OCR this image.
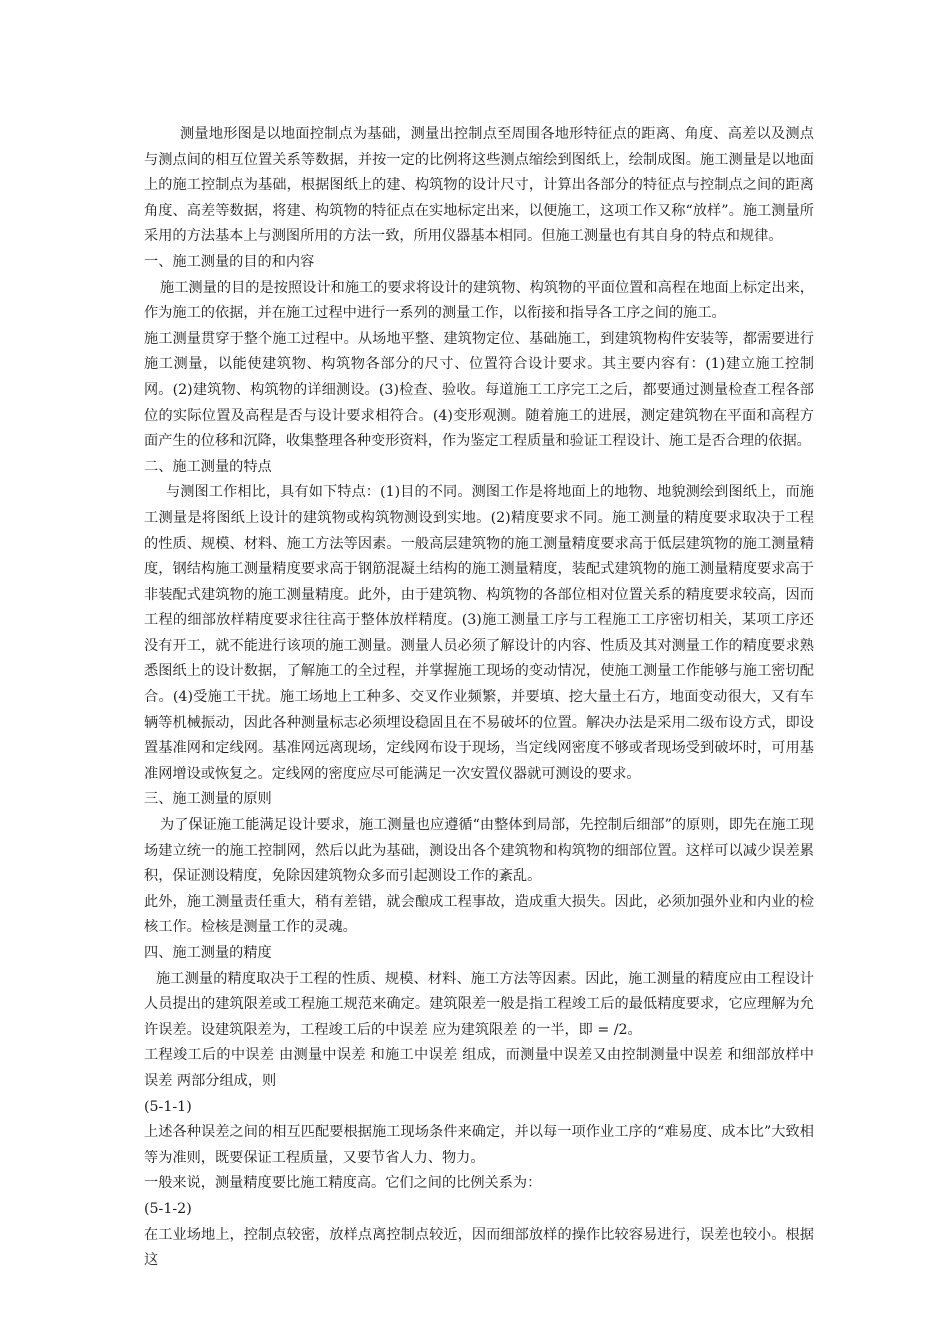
测量地形图是以地面控制点为基础，测量出控制点至周围各地形特征点的距离、角度、高差以及测点与测点间的相互位置关系等数据，并按一定的比例将这些测点缩绘到图纸上，绘制成图。施工测量是以地面上的施工控制点为基础，根据图纸上的建、构筑物的设计尺寸，计算出各部分的特征点与控制点之间的距离角度、高差等数据，将建、构筑物的特征点在实地标定出来，以便施工，这项工作又称“放样”。施工测量所采用的方法基本上与测图所用的方法一致，所用仪器基本相同。但施工测量也有其自身的特点和规律。

一、施工测量的目的和内容

施工测量的目的是按照设计和施工的要求将设计的建筑物、构筑物的平面位置和高程在地面上标定出来，作为施工的依据，并在施工过程中进行一系列的测量工作，以衔接和指导各工序之间的施工。

施工测量贯穿于整个施工过程中。从场地平整、建筑物定位、基础施工，到建筑物构件安装等，都需要进行施工测量，以能使建筑物、构筑物各部分的尺寸、位置符合设计要求。其主要内容有：(1)建立施工控制网。(2)建筑物、构筑物的详细测设。(3)检查、验收。每道施工工序完工之后，都要通过测量检查工程各部位的实际位置及高程是否与设计要求相符合。(4)变形观测。随着施工的进展，测定建筑物在平面和高程方面产生的位移和沉降，收集整理各种变形资料，作为鉴定工程质量和验证工程设计、施工是否合理的依据。

二、施工测量的特点

与测图工作相比，具有如下特点：(1)目的不同。测图工作是将地面上的地物、地貌测绘到图纸上，而施工测量是将图纸上设计的建筑物或构筑物测设到实地。(2)精度要求不同。施工测量的精度要求取决于工程的性质、规模、材料、施工方法等因素。一般高层建筑物的施工测量精度要求高于低层建筑物的施工测量精度，钢结构施工测量精度要求高于钢筋混凝土结构的施工测量精度，装配式建筑物的施工测量精度要求高于非装配式建筑物的施工测量精度。此外，由于建筑物、构筑物的各部位相对位置关系的精度要求较高，因而工程的细部放样精度要求往往高于整体放样精度。(3)施工测量工序与工程施工工序密切相关，某项工序还没有开工，就不能进行该项的施工测量。测量人员必须了解设计的内容、性质及其对测量工作的精度要求熟悉图纸上的设计数据，了解施工的全过程，并掌握施工现场的变动情况，使施工测量工作能够与施工密切配合。(4)受施工干扰。施工场地上工种多、交叉作业频繁，并要填、挖大量土石方，地面变动很大，又有车辆等机械振动，因此各种测量标志必须埋设稳固且在不易破坏的位置。解决办法是采用二级布设方式，即设置基准网和定线网。基准网远离现场，定线网布设于现场，当定线网密度不够或者现场受到破坏时，可用基准网增设或恢复之。定线网的密度应尽可能满足一次安置仪器就可测设的要求。

三、施工测量的原则

为了保证施工能满足设计要求，施工测量也应遵循“由整体到局部，先控制后细部”的原则，即先在施工现场建立统一的施工控制网，然后以此为基础，测设出各个建筑物和构筑物的细部位置。这样可以减少误差累积，保证测设精度，免除因建筑物众多而引起测设工作的紊乱。

此外，施工测量责任重大，稍有差错，就会酿成工程事故，造成重大损失。因此，必须加强外业和内业的检核工作。检核是测量工作的灵魂。

四、施工测量的精度

施工测量的精度取决于工程的性质、规模、材料、施工方法等因素。因此，施工测量的精度应由工程设计人员提出的建筑限差或工程施工规范来确定。建筑限差一般是指工程竣工后的最低精度要求，它应理解为允许误差。设建筑限差为，工程竣工后的中误差 应为建筑限差 的一半，即 = /2。

工程竣工后的中误差 由测量中误差 和施工中误差 组成，而测量中误差又由控制测量中误差 和细部放样中误差 两部分组成，则

(5-1-1)

上述各种误差之间的相互匹配要根据施工现场条件来确定，并以每一项作业工序的“难易度、成本比”大致相等为准则，既要保证工程质量，又要节省人力、物力。

一般来说，测量精度要比施工精度高。它们之间的比例关系为：

(5-1-2)

在工业场地上，控制点较密，放样点离控制点较近，因而细部放样的操作比较容易进行，误差也较小。根据这
